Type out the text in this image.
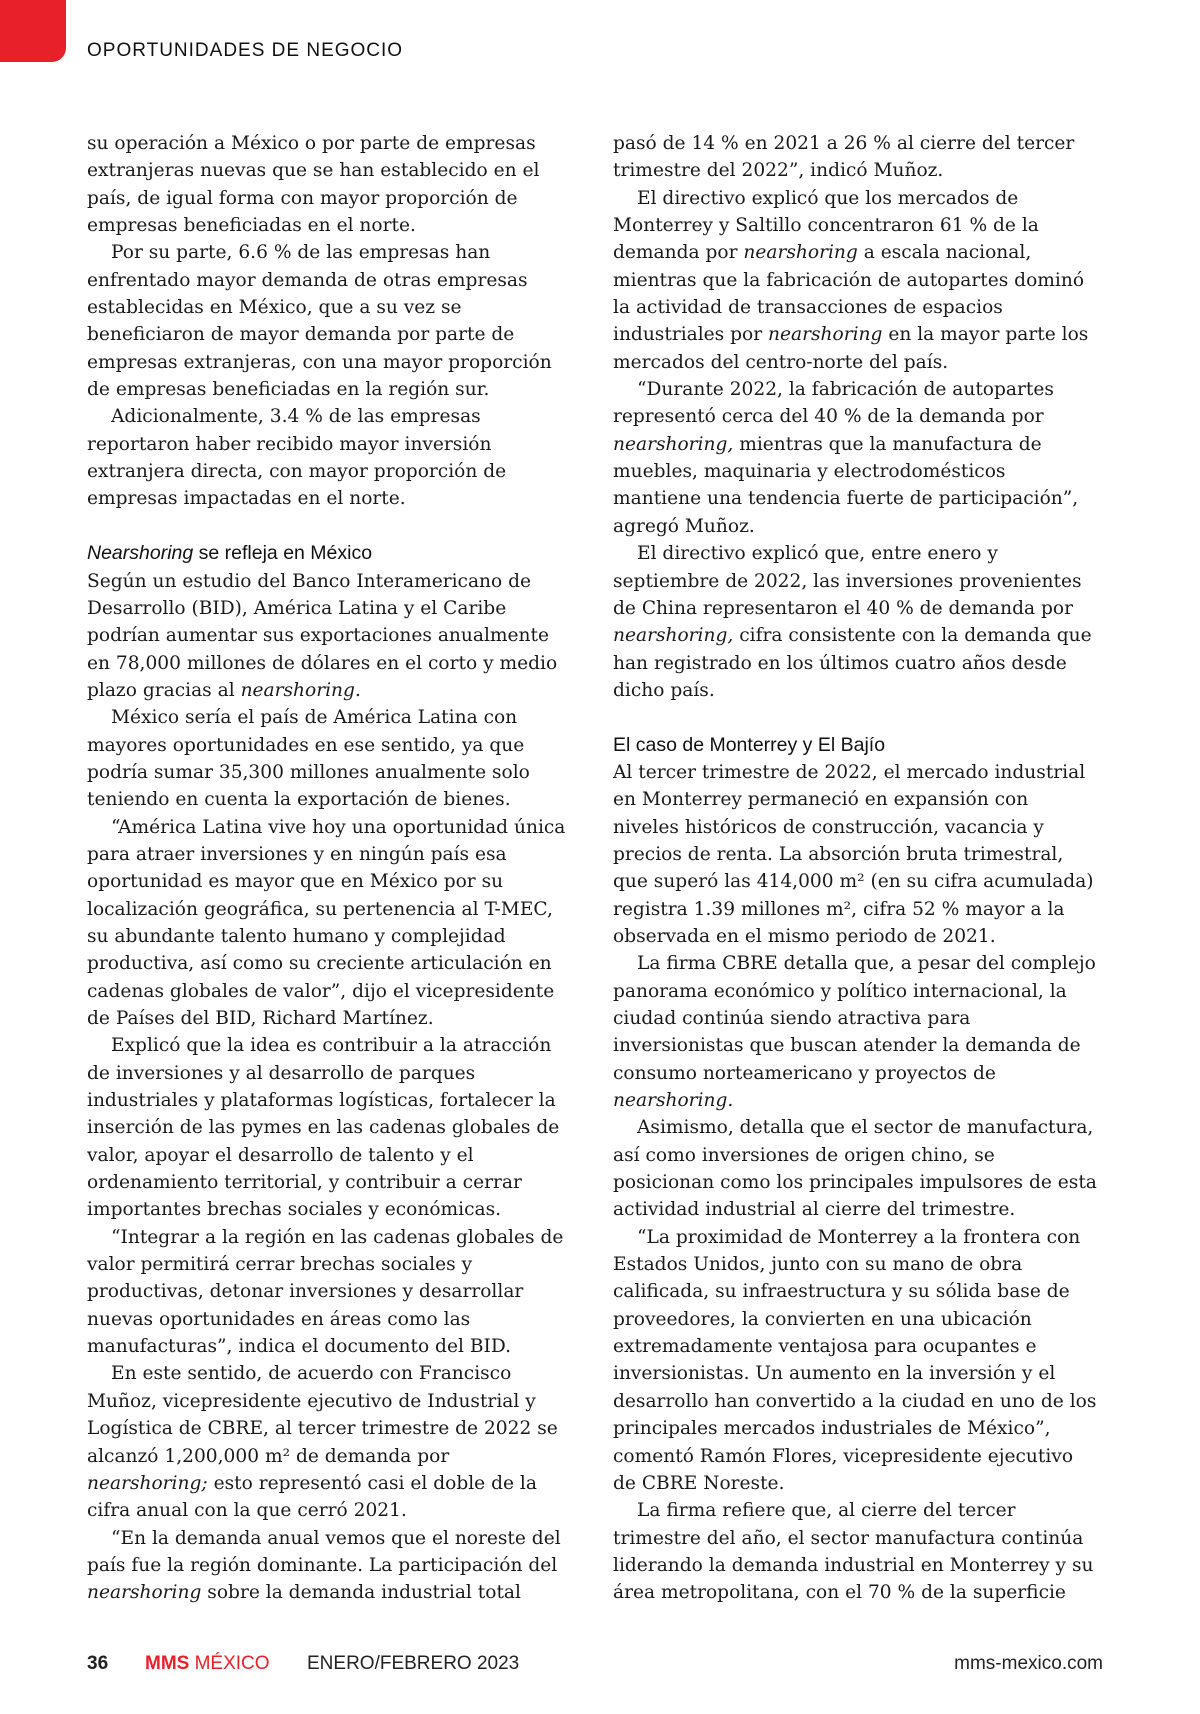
OPORTUNIDADES DE NEGOCIO

su operación a México o por parte de empresas extranjeras nuevas que se han establecido en el país, de igual forma con mayor proporción de empresas beneficiadas en el norte.

Por su parte, 6.6 % de las empresas han enfrentado mayor demanda de otras empresas establecidas en México, que a su vez se beneficiaron de mayor demanda por parte de empresas extranjeras, con una mayor proporción de empresas beneficiadas en la región sur.

Adicionalmente, 3.4 % de las empresas reportaron haber recibido mayor inversión extranjera directa, con mayor proporción de empresas impactadas en el norte.

Nearshoring se refleja en México

Según un estudio del Banco Interamericano de Desarrollo (BID), América Latina y el Caribe podrían aumentar sus exportaciones anualmente en 78,000 millones de dólares en el corto y medio plazo gracias al nearshoring.

México sería el país de América Latina con mayores oportunidades en ese sentido, ya que podría sumar 35,300 millones anualmente solo teniendo en cuenta la exportación de bienes.

“América Latina vive hoy una oportunidad única para atraer inversiones y en ningún país esa oportunidad es mayor que en México por su localización geográfica, su pertenencia al T-MEC, su abundante talento humano y complejidad productiva, así como su creciente articulación en cadenas globales de valor”, dijo el vicepresidente de Países del BID, Richard Martínez.

Explicó que la idea es contribuir a la atracción de inversiones y al desarrollo de parques industriales y plataformas logísticas, fortalecer la inserción de las pymes en las cadenas globales de valor, apoyar el desarrollo de talento y el ordenamiento territorial, y contribuir a cerrar importantes brechas sociales y económicas.

“Integrar a la región en las cadenas globales de valor permitirá cerrar brechas sociales y productivas, detonar inversiones y desarrollar nuevas oportunidades en áreas como las manufacturas”, indica el documento del BID.

En este sentido, de acuerdo con Francisco Muñoz, vicepresidente ejecutivo de Industrial y Logística de CBRE, al tercer trimestre de 2022 se alcanzó 1,200,000 m² de demanda por nearshoring; esto representó casi el doble de la cifra anual con la que cerró 2021.

“En la demanda anual vemos que el noreste del país fue la región dominante. La participación del nearshoring sobre la demanda industrial total

pasó de 14 % en 2021 a 26 % al cierre del tercer trimestre del 2022”, indicó Muñoz.

El directivo explicó que los mercados de Monterrey y Saltillo concentraron 61 % de la demanda por nearshoring a escala nacional, mientras que la fabricación de autopartes dominó la actividad de transacciones de espacios industriales por nearshoring en la mayor parte los mercados del centro-norte del país.

“Durante 2022, la fabricación de autopartes representó cerca del 40 % de la demanda por nearshoring, mientras que la manufactura de muebles, maquinaria y electrodomésticos mantiene una tendencia fuerte de participación”, agregó Muñoz.

El directivo explicó que, entre enero y septiembre de 2022, las inversiones provenientes de China representaron el 40 % de demanda por nearshoring, cifra consistente con la demanda que han registrado en los últimos cuatro años desde dicho país.

El caso de Monterrey y El Bajío

Al tercer trimestre de 2022, el mercado industrial en Monterrey permaneció en expansión con niveles históricos de construcción, vacancia y precios de renta. La absorción bruta trimestral, que superó las 414,000 m² (en su cifra acumulada) registra 1.39 millones m², cifra 52 % mayor a la observada en el mismo periodo de 2021.

La firma CBRE detalla que, a pesar del complejo panorama económico y político internacional, la ciudad continúa siendo atractiva para inversionistas que buscan atender la demanda de consumo norteamericano y proyectos de nearshoring.

Asimismo, detalla que el sector de manufactura, así como inversiones de origen chino, se posicionan como los principales impulsores de esta actividad industrial al cierre del trimestre.

“La proximidad de Monterrey a la frontera con Estados Unidos, junto con su mano de obra calificada, su infraestructura y su sólida base de proveedores, la convierten en una ubicación extremadamente ventajosa para ocupantes e inversionistas. Un aumento en la inversión y el desarrollo han convertido a la ciudad en uno de los principales mercados industriales de México”, comentó Ramón Flores, vicepresidente ejecutivo de CBRE Noreste.

La firma refiere que, al cierre del tercer trimestre del año, el sector manufactura continúa liderando la demanda industrial en Monterrey y su área metropolitana, con el 70 % de la superficie

36 MMS MÉXICO ENERO/FEBRERO 2023	mms-mexico.com
